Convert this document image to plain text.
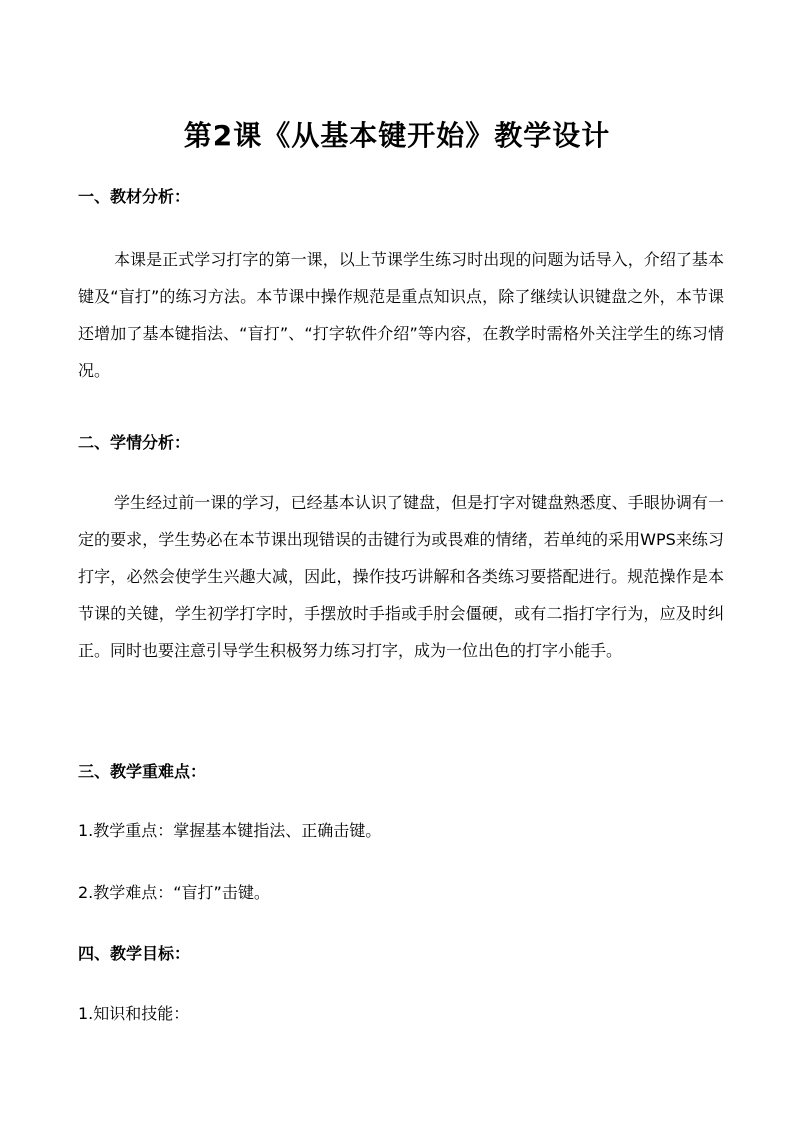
第2课《从基本键开始》教学设计
一、教材分析：

本课是正式学习打字的第一课，以上节课学生练习时出现的问题为话导入，介绍了基本键及“盲打”的练习方法。本节课中操作规范是重点知识点，除了继续认识键盘之外，本节课还增加了基本键指法、“盲打”、“打字软件介绍”等内容，在教学时需格外关注学生的练习情况。

二、学情分析：

学生经过前一课的学习，已经基本认识了键盘，但是打字对键盘熟悉度、手眼协调有一定的要求，学生势必在本节课出现错误的击键行为或畏难的情绪，若单纯的采用WPS来练习打字，必然会使学生兴趣大减，因此，操作技巧讲解和各类练习要搭配进行。规范操作是本节课的关键，学生初学打字时，手摆放时手指或手肘会僵硬，或有二指打字行为，应及时纠正。同时也要注意引导学生积极努力练习打字，成为一位出色的打字小能手。

三、教学重难点：

1.教学重点：掌握基本键指法、正确击键。

2.教学难点：“盲打”击键。

四、教学目标：

1.知识和技能：
